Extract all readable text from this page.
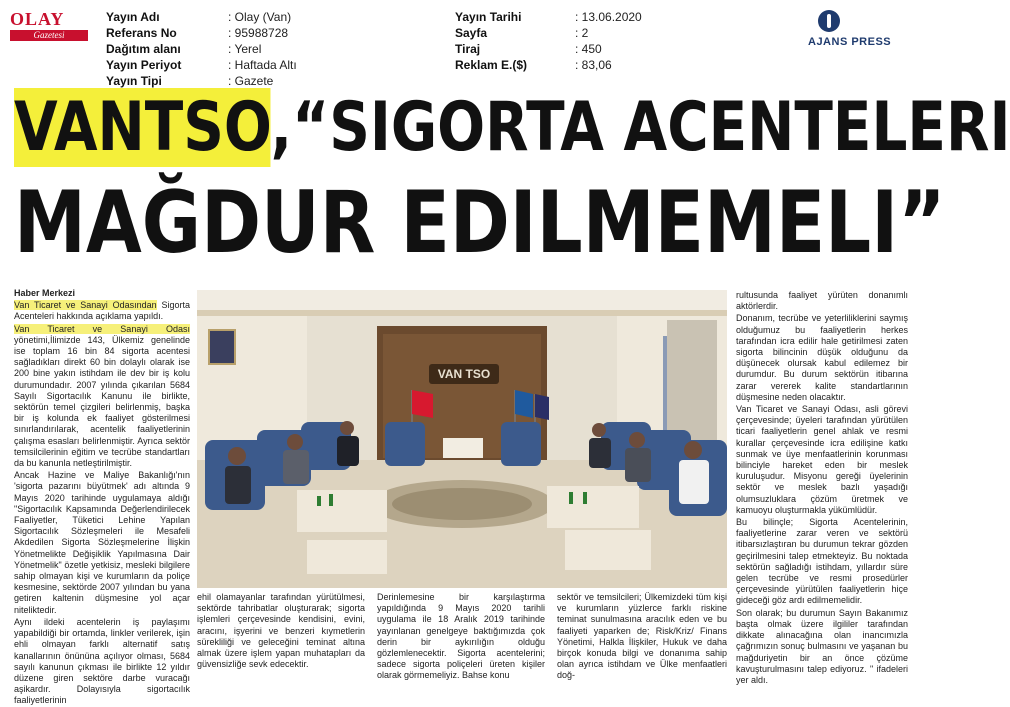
OLAY
Gazetesi
Yayın Adı	: Olay (Van)
Referans No	: 95988728
Dağıtım alanı	: Yerel
Yayın Periyot	: Haftada Altı
Yayın Tipi	: Gazete
Yayın Tarihi	: 13.06.2020
Sayfa	: 2
Tiraj	: 450
Reklam E.($)	: 83,06
AJANS PRESS
VANTSO,“SIGORTA ACENTELERI
MAĞDUR EDILMEMELI”

Haber Merkezi

Van Ticaret ve Sanayi Odasından Sigorta Acenteleri hakkında açıklama yapıldı.

Van Ticaret ve Sanayi Odası yönetimi,İlimizde 143, Ülkemiz genelinde ise toplam 16 bin 84 sigorta acentesi sağladıkları direkt 60 bin dolaylı olarak ise 200 bine yakın istihdam ile dev bir iş kolu durumundadır. 2007 yılında çıkarılan 5684 Sayılı Sigortacılık Kanunu ile birlikte, sektörün temel çizgileri belirlenmiş, başka bir iş kolunda ek faaliyet gösterilmesi sınırlandırılarak, acentelik faaliyetlerinin çalışma esasları belirlenmiştir. Ayrıca sektör temsilcilerinin eğitim ve tecrübe standartları da bu kanunla netleştirilmiştir.

Ancak Hazine ve Maliye Bakanlığı'nın 'sigorta pazarını büyütmek' adı altında 9 Mayıs 2020 tarihinde uygulamaya aldığı "Sigortacılık Kapsamında Değerlendirilecek Faaliyetler, Tüketici Lehine Yapılan Sigortacılık Sözleşmeleri ile Mesafeli Akdedilen Sigorta Sözleşmelerine İlişkin Yönetmelikte Değişiklik Yapılmasına Dair Yönetmelik" özetle yetkisiz, mesleki bilgilere sahip olmayan kişi ve kurumların da poliçe kesmesine, sektörde 2007 yılından bu yana getiren kaltenin düşmesine yol açar niteliktedir.

Aynı ildeki acentelerin iş paylaşımı yapabildiği bir ortamda, linkler verilerek, işin ehli olmayan farklı alternatif satış kanallarının önününa açılıyor olması, 5684 sayılı kanunun çıkması ile birlikte 12 yıldır düzene giren sektöre darbe vuracağı aşikardır. Dolayısıyla sigortacılık faaliyetlerinin

VAN TSO

ehil olamayanlar tarafından yürütülmesi, sektörde tahribatlar oluşturarak; sigorta işlemleri çerçevesinde kendisini, evini, aracını, işyerini ve benzeri kıymetlerin sürekliliği ve geleceğini teminat altına almak üzere işlem yapan muhatapları da güvensizliğe sevk edecektir.

Derinlemesine bir karşılaştırma yapıldığında 9 Mayıs 2020 tarihli uygulama ile 18 Aralık 2019 tarihinde yayınlanan genelgeye baktığımızda çok derin bir aykırılığın olduğu gözlemlenecektir. Sigorta acentelerini; sadece sigorta poliçeleri üreten kişiler olarak görmemeliyiz. Bahse konu

sektör ve temsilcileri; Ülkemizdeki tüm kişi ve kurumların yüzlerce farklı riskine teminat sunulmasına aracılık eden ve bu faaliyeti yaparken de; Risk/Kriz/ Finans Yönetimi, Halkla İlişkiler, Hukuk ve daha birçok konuda bilgi ve donanıma sahip olan ayrıca istihdam ve Ülke menfaatleri doğ-

rultusunda faaliyet yürüten donanımlı aktörlerdir.

Donanım, tecrübe ve yeterliliklerini saymış olduğumuz bu faaliyetlerin herkes tarafından icra edilir hale getirilmesi zaten sigorta bilincinin düşük olduğunu da düşünecek olursak kabul edilemez bir durumdur. Bu durum sektörün itibarına zarar vererek kalite standartlarının düşmesine neden olacaktır.

Van Ticaret ve Sanayi Odası, asli görevi çerçevesinde; üyeleri tarafından yürütülen ticari faaliyetlerin genel ahlak ve resmi kurallar çerçevesinde icra edilişine katkı sunmak ve üye menfaatlerinin korunması bilinciyle hareket eden bir meslek kuruluşudur. Misyonu gereği üyelerinin sektör ve meslek bazlı yaşadığı olumsuzluklara çözüm üretmek ve kamuoyu oluşturmakla yükümlüdür.

Bu bilinçle; Sigorta Acentelerinin, faaliyetlerine zarar veren ve sektörü itibarsızlaştıran bu durumun tekrar gözden geçirilmesini talep etmekteyiz. Bu noktada sektörün sağladığı istihdam, yıllardır süre gelen tecrübe ve resmi prosedürler çerçevesinde yürütülen faaliyetlerin hiçe gideceği göz ardı edilmemelidir.

Son olarak; bu durumun Sayın Bakanımız başta olmak üzere ilgililer tarafından dikkate alınacağına olan inancımızla çağrımızın sonuç bulmasını ve yaşanan bu mağduriyetin bir an önce çözüme kavuşturulmasını talep ediyoruz. " ifadeleri yer aldı.
